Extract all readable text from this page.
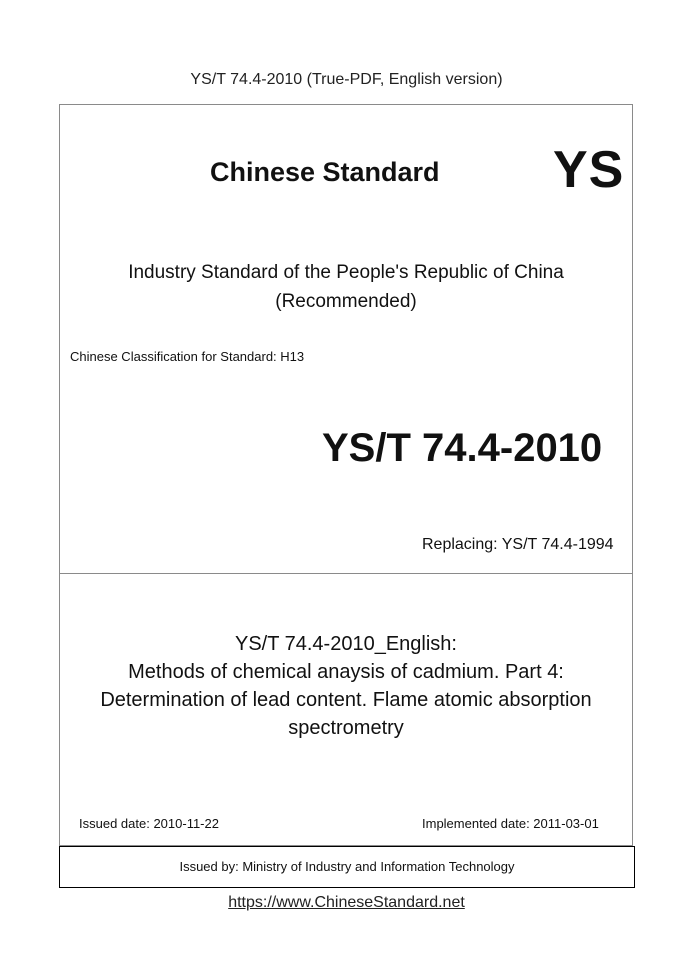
YS/T 74.4-2010 (True-PDF, English version)
Chinese Standard YS
Industry Standard of the People's Republic of China
(Recommended)
Chinese Classification for Standard: H13
YS/T 74.4-2010
Replacing: YS/T 74.4-1994
YS/T 74.4-2010_English:
Methods of chemical anaysis of cadmium. Part 4:
Determination of lead content. Flame atomic absorption
spectrometry
Issued date: 2010-11-22	Implemented date: 2011-03-01
Issued by: Ministry of Industry and Information Technology
https://www.ChineseStandard.net
